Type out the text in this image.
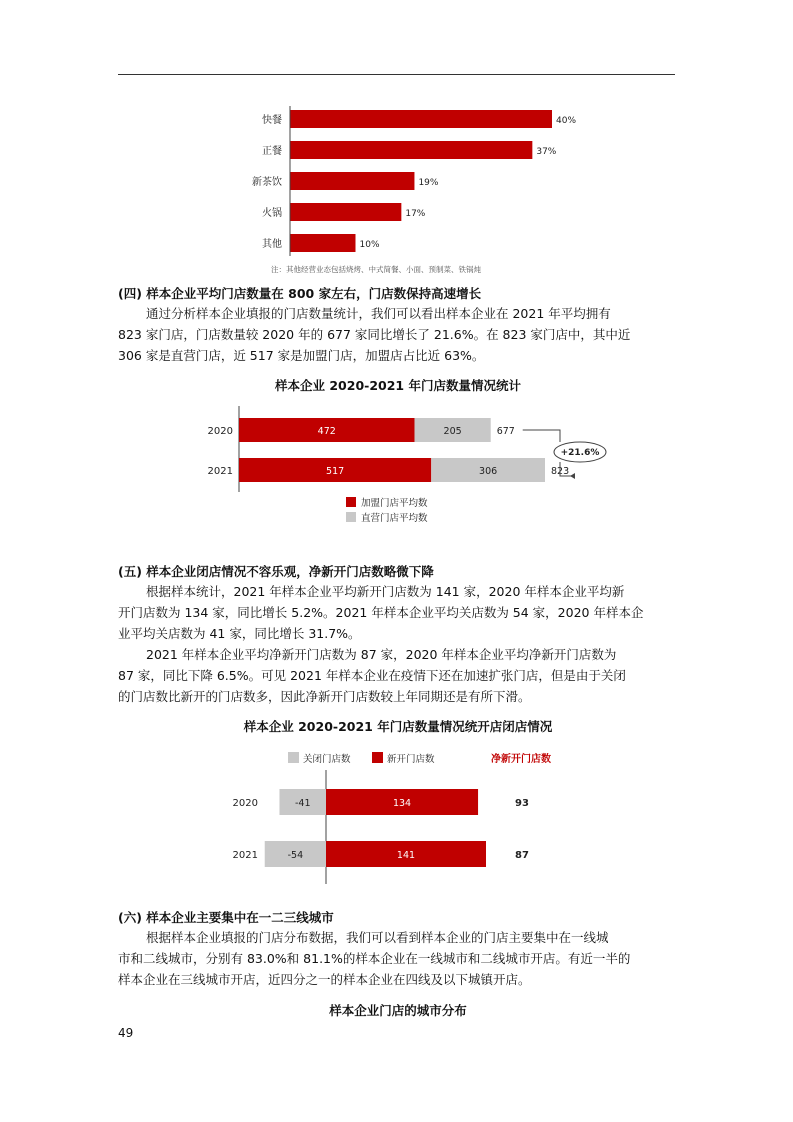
快餐	40%
正餐	37%
新茶饮	19%
火锅	17%
其他	10%
注：其他经营业态包括烧烤、中式简餐、小面、预制菜、铁锅炖
(四) 样本企业平均门店数量在 800 家左右，门店数保持高速增长
通过分析样本企业填报的门店数量统计，我们可以看出样本企业在 2021 年平均拥有
823 家门店，门店数量较 2020 年的 677 家同比增长了 21.6%。在 823 家门店中，其中近
306 家是直营门店，近 517 家是加盟门店，加盟店占比近 63%。
样本企业 2020-2021 年门店数量情况统计
2020	472	205	677
2021	517	306	823
+21.6%
加盟门店平均数
直营门店平均数
(五) 样本企业闭店情况不容乐观，净新开门店数略微下降
根据样本统计，2021 年样本企业平均新开门店数为 141 家，2020 年样本企业平均新
开门店数为 134 家，同比增长 5.2%。2021 年样本企业平均关店数为 54 家，2020 年样本企
业平均关店数为 41 家，同比增长 31.7%。
2021 年样本企业平均净新开门店数为 87 家，2020 年样本企业平均净新开门店数为
87 家，同比下降 6.5%。可见 2021 年样本企业在疫情下还在加速扩张门店，但是由于关闭
的门店数比新开的门店数多，因此净新开门店数较上年同期还是有所下滑。
样本企业 2020-2021 年门店数量情况统开店闭店情况
关闭门店数	新开门店数	净新开门店数
2020	-41	134	93
2021	-54	141	87
(六) 样本企业主要集中在一二三线城市
根据样本企业填报的门店分布数据，我们可以看到样本企业的门店主要集中在一线城
市和二线城市，分别有 83.0%和 81.1%的样本企业在一线城市和二线城市开店。有近一半的
样本企业在三线城市开店，近四分之一的样本企业在四线及以下城镇开店。
样本企业门店的城市分布
49
